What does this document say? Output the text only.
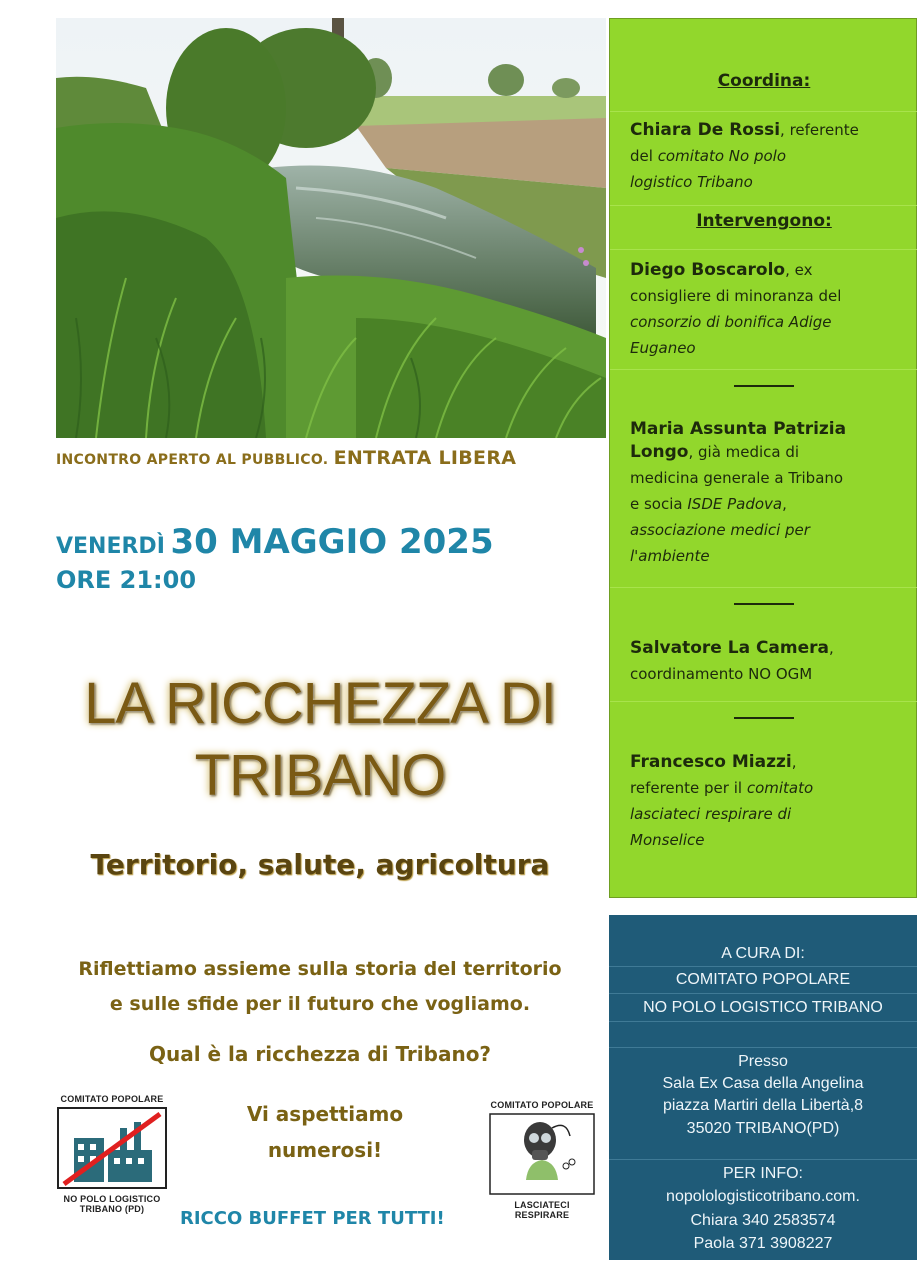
INCONTRO APERTO AL PUBBLICO. ENTRATA LIBERA
VENERDÌ 30 MAGGIO 2025
ORE 21:00
LA RICCHEZZA DI
TRIBANO
Territorio, salute, agricoltura
Riflettiamo assieme sulla storia del territorio
e sulle sfide per il futuro che vogliamo.
Qual è la ricchezza di Tribano?
Vi aspettiamo
numerosi!
RICCO BUFFET PER TUTTI!
COMITATO POPOLARE
NO POLO LOGISTICO
TRIBANO (PD)
COMITATO POPOLARE
LASCIATECI RESPIRARE
Coordina:
Chiara De Rossi, referente
del comitato No polo
logistico Tribano
Intervengono:
Diego Boscarolo, ex
consigliere di minoranza del
consorzio di bonifica Adige
Euganeo
Maria Assunta Patrizia
Longo, già medica di
medicina generale a Tribano
e socia ISDE Padova,
associazione medici per
l'ambiente
Salvatore La Camera,
coordinamento NO OGM
Francesco Miazzi,
referente per il comitato
lasciateci respirare di
Monselice
A CURA DI:
COMITATO POPOLARE
NO POLO LOGISTICO TRIBANO
Presso
Sala Ex Casa della Angelina
piazza Martiri della Libertà,8
35020 TRIBANO(PD)
PER INFO:
nopolologisticotribano.com.
Chiara 340 2583574
Paola 371 3908227
